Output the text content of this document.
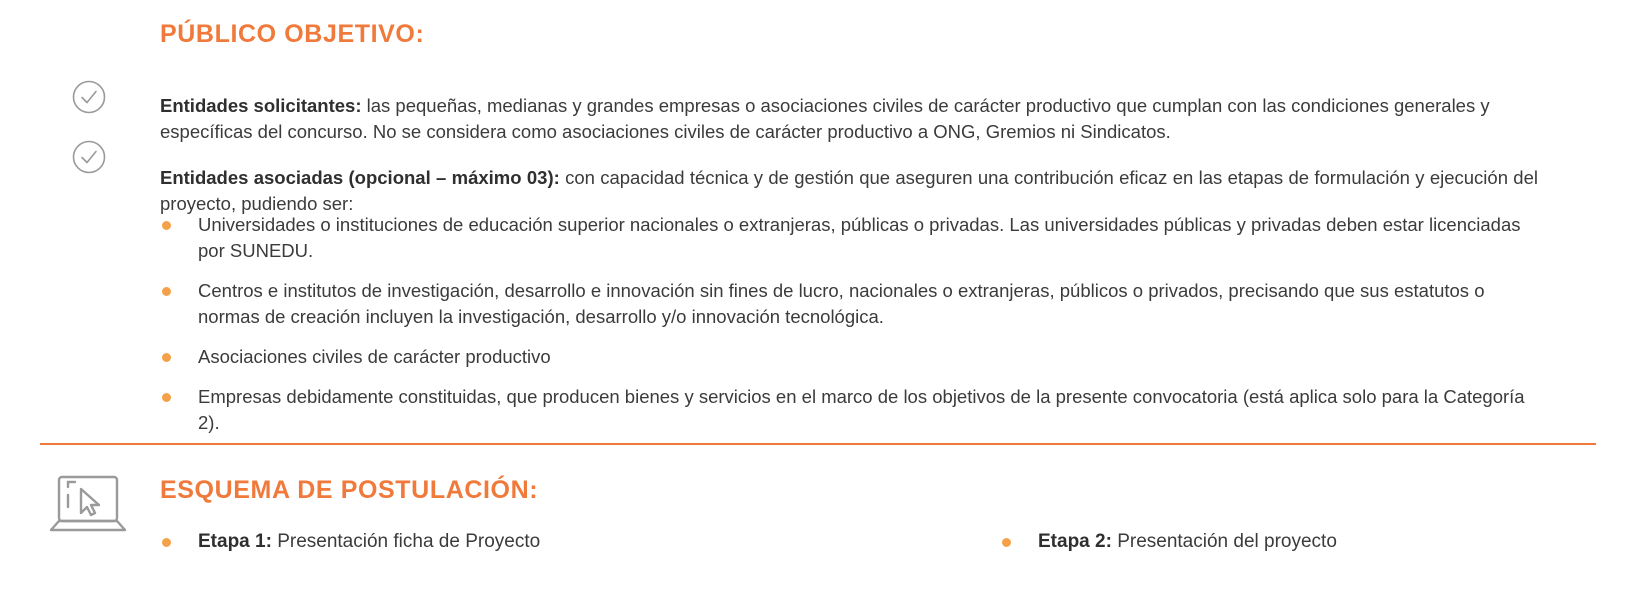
PÚBLICO OBJETIVO:

Entidades solicitantes: las pequeñas, medianas y grandes empresas o asociaciones civiles de carácter productivo que cumplan con las condiciones generales y específicas del concurso. No se considera como asociaciones civiles de carácter productivo a ONG, Gremios ni Sindicatos.

Entidades asociadas (opcional – máximo 03): con capacidad técnica y de gestión que aseguren una contribución eficaz en las etapas de formulación y ejecución del proyecto, pudiendo ser:

Universidades o instituciones de educación superior nacionales o extranjeras, públicas o privadas. Las universidades públicas y privadas deben estar licenciadas por SUNEDU.
Centros e institutos de investigación, desarrollo e innovación sin fines de lucro, nacionales o extranjeras, públicos o privados, precisando que sus estatutos o normas de creación incluyen la investigación, desarrollo y/o innovación tecnológica.
Asociaciones civiles de carácter productivo
Empresas debidamente constituidas, que producen bienes y servicios en el marco de los objetivos de la presente convocatoria (está aplica solo para la Categoría 2).
ESQUEMA DE POSTULACIÓN:
Etapa 1: Presentación ficha de Proyecto	Etapa 2: Presentación del proyecto
